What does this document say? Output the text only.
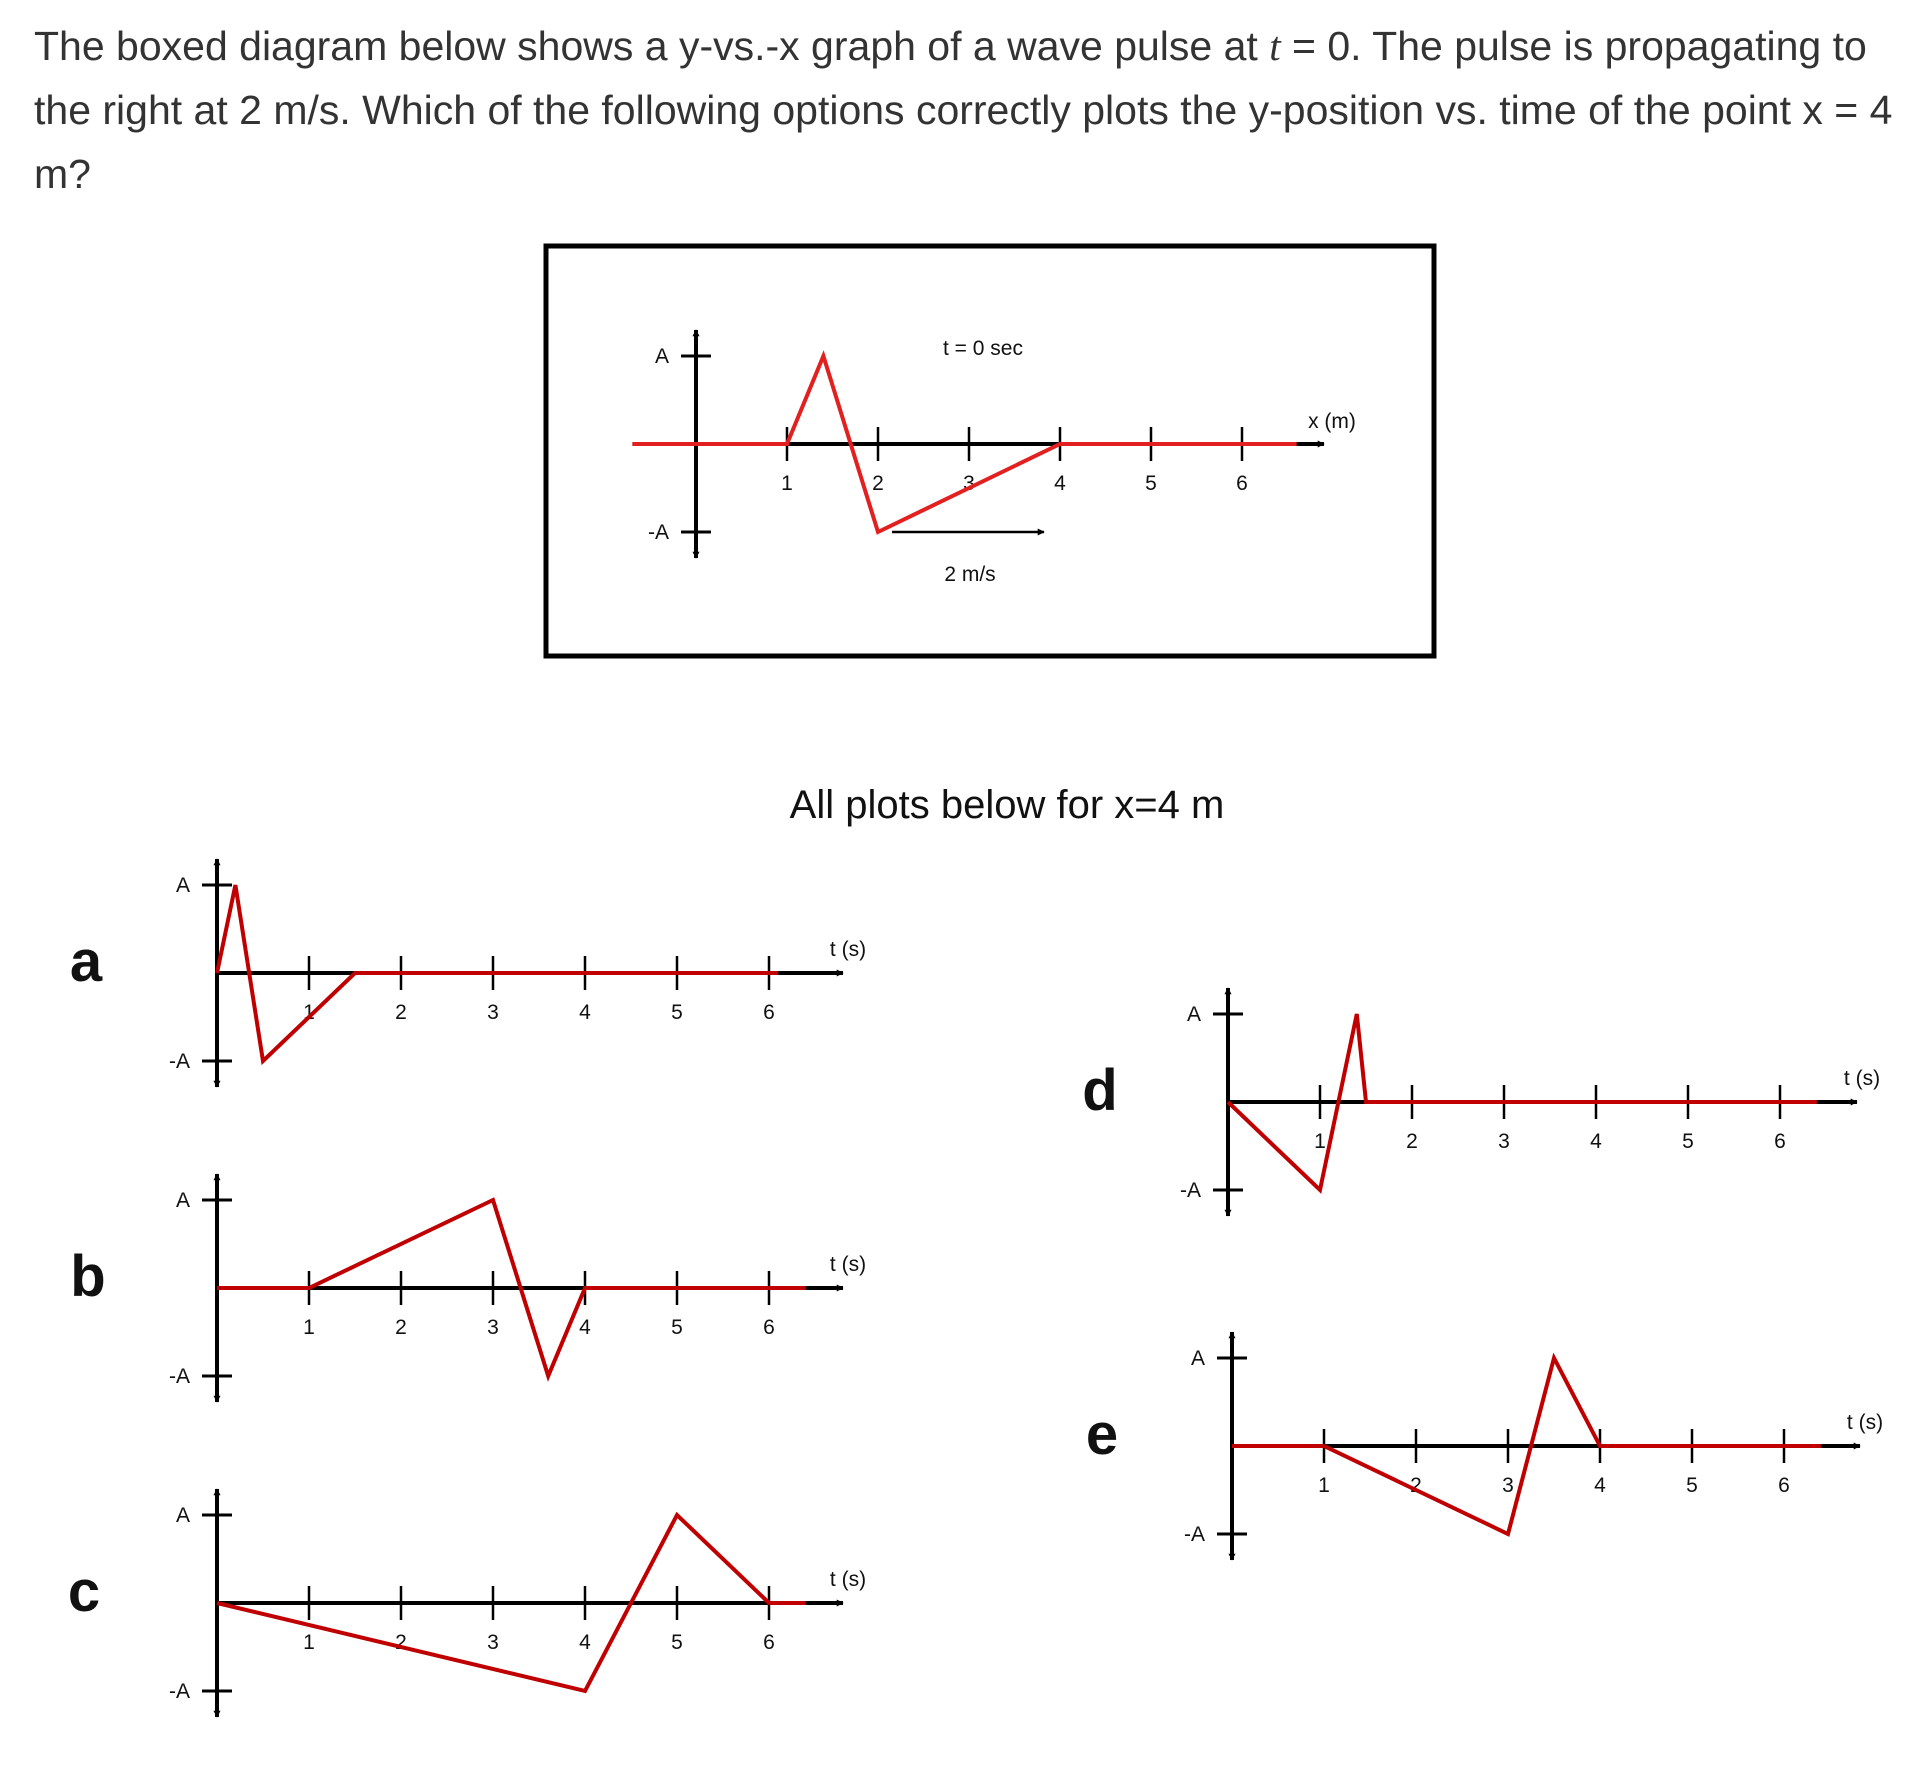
The boxed diagram below shows a y-vs.-x graph of a wave pulse at t = 0. The pulse is propagating to the right at 2 m/s. Which of the following options correctly plots the y-position vs. time of the point x = 4 m?
A
-A
1	2	3	4	5	6
x (m)
t = 0 sec
2 m/s
All plots below for x=4 m
a
A
-A
1	2	3	4	5	6
t (s)
b
A
-A
1	2	3	4	5	6
t (s)
c
A
-A
1	2	3	4	5	6
t (s)
d
A
-A
1	2	3	4	5	6
t (s)
e
A
-A
1	2	3	4	5	6
t (s)
